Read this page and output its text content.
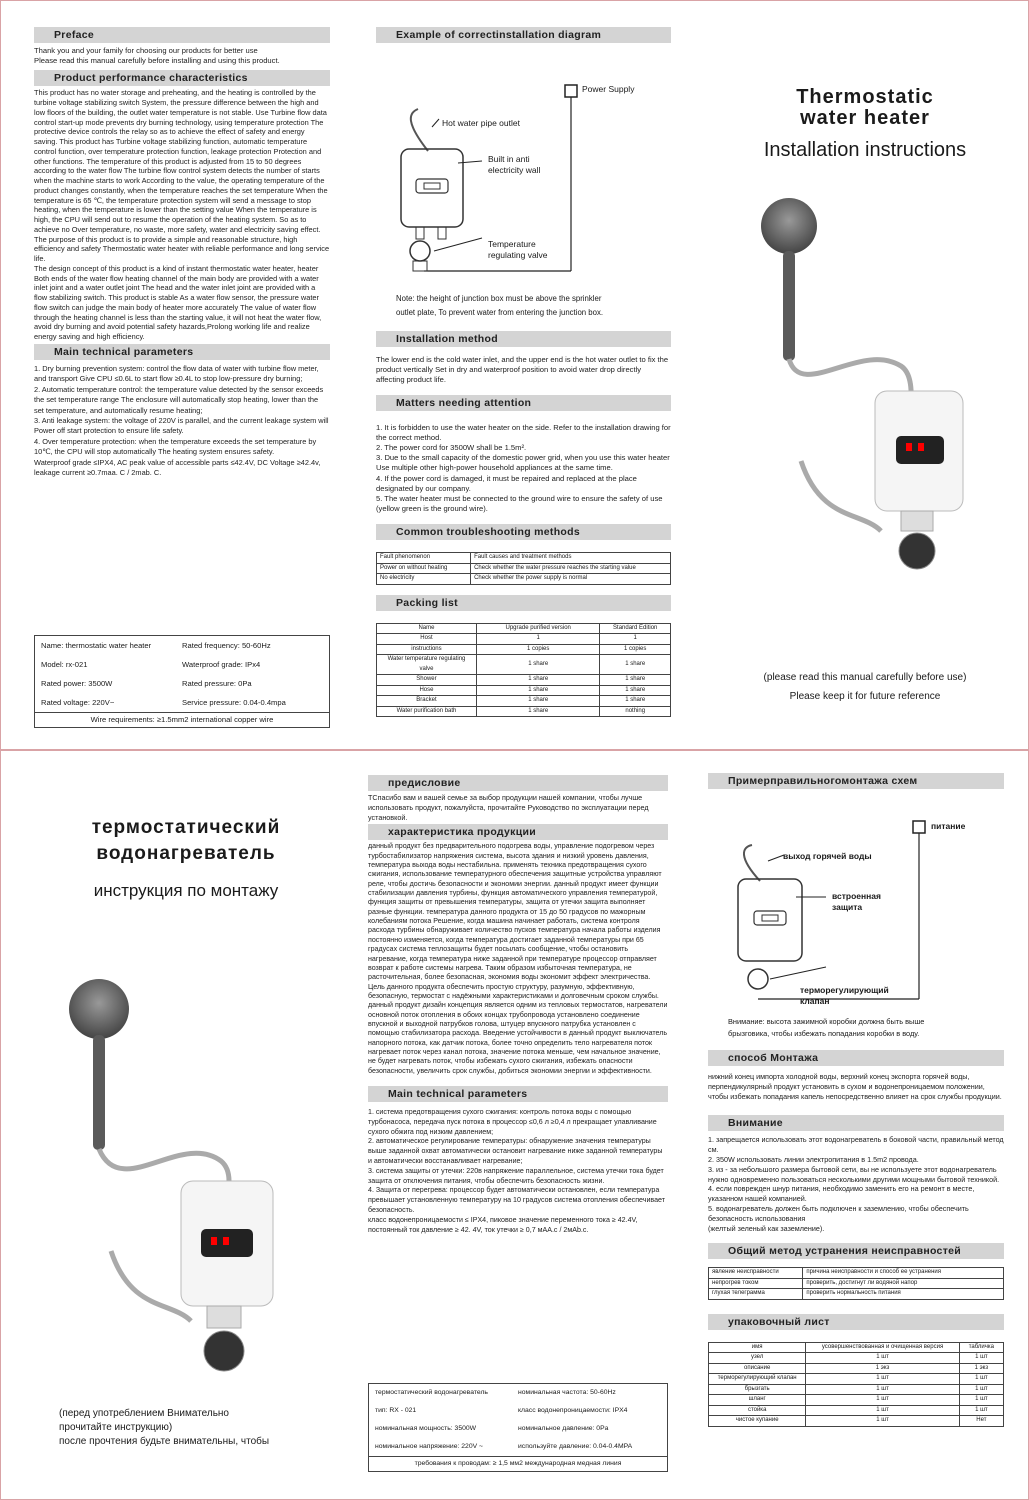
Preface
Thank you and your family for choosing our products for better use
Please read this manual carefully before installing and using this product.
Product performance characteristics
This product has no water storage and preheating, and the heating is controlled by the turbine voltage stabilizing switch System, the pressure difference between the high and low floors of the building, the outlet water temperature is not stable. Use Turbine flow data control start-up mode prevents dry burning technology, using temperature protection The protective device controls the relay so as to achieve the effect of safety and energy saving. This product has Turbine voltage stabilizing function, automatic temperature control function, over temperature protection function, leakage protection Protection and other functions. The temperature of this product is adjusted from 15 to 50 degrees according to the water flow The turbine flow control system detects the number of starts when the machine starts to work According to the value, the operating temperature of the product changes constantly, when the temperature reaches the set temperature When the temperature is 65 ℃, the temperature protection system will send a message to stop heating, when the temperature is lower than the setting value When the temperature is high, the CPU will send out to resume the operation of the heating system. So as to achieve no Over temperature, no waste, more safety, water and electricity saving effect.
The purpose of this product is to provide a simple and reasonable structure, high efficiency and safety Thermostatic water heater with reliable performance and long service life.
The design concept of this product is a kind of instant thermostatic water heater, heater Both ends of the water flow heating channel of the main body are provided with a water inlet joint and a water outlet joint The head and the water inlet joint are provided with a flow stabilizing switch. This product is stable As a water flow sensor, the pressure water flow switch can judge the main body of heater more accurately The value of water flow through the heating channel is less than the starting value, it will not heat the water flow, avoid dry burning and avoid potential safety hazards,Prolong working life and realize energy saving and high efficiency.
Main technical parameters
1. Dry burning prevention system: control the flow data of water with turbine flow meter, and transport Give CPU ≤0.6L to start flow ≥0.4L to stop low-pressure dry burning;
2. Automatic temperature control: the temperature value detected by the sensor exceeds the set temperature range The enclosure will automatically stop heating, lower than the set temperature, and automatically resume heating;
3. Anti leakage system: the voltage of 220V is parallel, and the current leakage system will Power off start protection to ensure life safety.
4. Over temperature protection: when the temperature exceeds the set temperature by 10℃, the CPU will stop automatically The heating system ensures safety.
Waterproof grade ≤IPX4, AC peak value of accessible parts ≤42.4V, DC Voltage ≥42.4v, leakage current ≥0.7maa. C / 2mab. C.
Name: thermostatic water heater	Rated frequency: 50-60Hz
Model: rx-021	Waterproof grade: IPx4
Rated power: 3500W	Rated pressure: 0Pa
Rated voltage: 220V~	Service pressure: 0.04-0.4mpa
Wire requirements: ≥1.5mm2 international copper wire
Example of correctinstallation diagram
Power Supply
Hot water pipe outlet
Built in anti
electricity wall
Temperature
regulating valve
Note: the height of junction box must be above the sprinkler
outlet plate, To prevent water from entering the junction box.
Installation method
The lower end is the cold water inlet, and the upper end is the hot water outlet to fix the product vertically Set in dry and waterproof position to avoid water drop directly affecting product life.
Matters needing attention
1. It is forbidden to use the water heater on the side. Refer to the installation drawing for the correct method.
2. The power cord for 3500W shall be 1.5m².
3. Due to the small capacity of the domestic power grid, when you use this water heater
Use multiple other high-power household appliances at the same time.
4. If the power cord is damaged, it must be repaired and replaced at the place designated by our company.
5. The water heater must be connected to the ground wire to ensure the safety of use (yellow green is the ground wire).
Common troubleshooting methods
Fault phenomenon	Fault causes and treatment methods
Power on without heating	Check whether the water pressure reaches the starting value
No electricity	Check whether the power supply is normal
Packing list
Name	Upgrade purified version	Standard Edition
Host	1	1
instructions	1 copies	1 copies
Water temperature regulating valve	1 share	1 share
Shower	1 share	1 share
Hose	1 share	1 share
Bracket	1 share	1 share
Water purification bath	1 share	nothing
Thermostatic
water heater
Installation instructions
(please read this manual carefully before use)
Please keep it for future reference
термостатический
водонагреватель
инструкция по монтажу
(перед употреблением Внимательно
прочитайте инструкцию)
после прочтения будьте внимательны, чтобы
предисловие
ТСпасибо вам и вашей семье за выбор продукции нашей компании, чтобы лучше использовать продукт, пожалуйста, прочитайте Руководство по эксплуатации перед установкой.
характеристика продукции
данный продукт без предварительного подогрева воды, управление подогревом через турбостабилизатор напряжения система, высота здания и низкий уровень давления, температура выхода воды нестабильна. применять техника предотвращения сухого сжигания, использование температурного обеспечения защитные устройства управляют реле, чтобы достичь безопасности и экономии энергии. данный продукт имеет функции стабилизации давления турбины, функция автоматического управления температурой, функция защиты от превышения температуры, защита от утечки защита выполняет разные функции. температура данного продукта от 15 до 50 градусов по мажорным колебаниям потока Решение, когда машина начинает работать, система контроля расхода турбины обнаруживает количество пусков температура начала работы изделия постоянно изменяется, когда температура достигает заданной температуры при 65 градусах система теплозащиты будет посылать сообщение, чтобы остановить нагревание, когда температура ниже заданной при температуре процессор отправляет возврат к работе системы нагрева. Таким образом избыточная температура, не расточительная, более безопасная, экономия воды экономит эффект электричества.
Цель данного продукта обеспечить простую структуру, разумную, эффективную, безопасную, термостат с надёжными характеристиками и долговечным сроком службы.
данный продукт дизайн концепция является одним из тепловых термостатов, нагреватели основной поток отопления в обоих концах трубопровода установлено соединение впускной и выходной патрубков голова, штуцер впускного патрубка установлен с помощью стабилизатора расхода. Введение устойчивости в данный продукт выключатель напорного потока, как датчик потока, более точно определить тело нагревателя поток нагревает поток через канал потока, значение потока меньше, чем начальное значение, не будет нагревать поток, чтобы избежать сухого сжигания, избежать опасности безопасности, увеличить срок службы, добиться экономии энергии и эффективности.
Main technical parameters
1. система предотвращения сухого сжигания: контроль потока воды с помощью турбонасоса, передача пуск потока в процессор ≤0,6 л ≥0,4 л прекращает улавливание сухого обжига под низким давлением;
2. автоматическое регулирование температуры: обнаружение значения температуры выше заданной охват автоматически остановит нагревание ниже заданной температуры и автоматически восстанавливает нагревание;
3. система защиты от утечки: 220в напряжение параллельное, система утечки тока будет защита от отключения питания, чтобы обеспечить безопасность жизни.
4. Защита от перегрева: процессор будет автоматически остановлен, если температура превышает установленную температуру на 10 градусов система отопления обеспечивает безопасность.
класс водонепроницаемости ≤ IPX4, пиковое значение переменного тока ≥ 42.4V, постоянный ток давление ≥ 42. 4V, ток утечки ≥ 0,7 мАА.с / 2мАb.с.
термостатический водонагреватель	номинальная частота: 50-60Hz
тип: RX - 021	класс водонепроницаемости: IPX4
номинальная мощность: 3500W	номинальное давление: 0Pa
номинальное напряжение: 220V ~	используйте давление: 0.04-0.4MPA
требования к проводам: ≥ 1,5 мм2 международная медная линия
Примерправильногомонтажа схем
питание
выход горячей воды
встроенная
защита
терморегулирующий
клапан
Внимание: высота зажимной коробки должна быть выше
брызговика, чтобы избежать попадания коробки в воду.
способ Монтажа
нижний конец импорта холодной воды, верхний конец экспорта горячей воды, перпендикулярный продукт установить в сухом и водонепроницаемом положении, чтобы избежать попадания капель непосредственно влияет на срок службы продукции.
Внимание
1. запрещается использовать этот водонагреватель в боковой части, правильный метод см.
2. 350W использовать линии электропитания в 1.5m2 провода.
3. из - за небольшого размера бытовой сети, вы не используете этот водонагреватель нужно одновременно пользоваться несколькими другими мощными бытовой техникой.
4. если поврежден шнур питания, необходимо заменить его на ремонт в месте, указанном нашей компанией.
5. водонагреватель должен быть подключен к заземлению, чтобы обеспечить безопасность использования
(желтый зеленый как заземление).
Общий метод устранения неисправностей
явление неисправности	причина неисправности и способ ее устранения
непрогрев током	проверить, достигнут ли водяной напор
глухая телеграмма	проверить нормальность питания
упаковочный лист
имя	усовершенствованная и очищенная версия	табличка
узел	1 шт	1 шт
описание	1 экз	1 экз
терморегулирующий клапан	1 шт	1 шт
брызгать	1 шт	1 шт
шланг	1 шт	1 шт
стойка	1 шт	1 шт
чистое купание	1 шт	Нет
